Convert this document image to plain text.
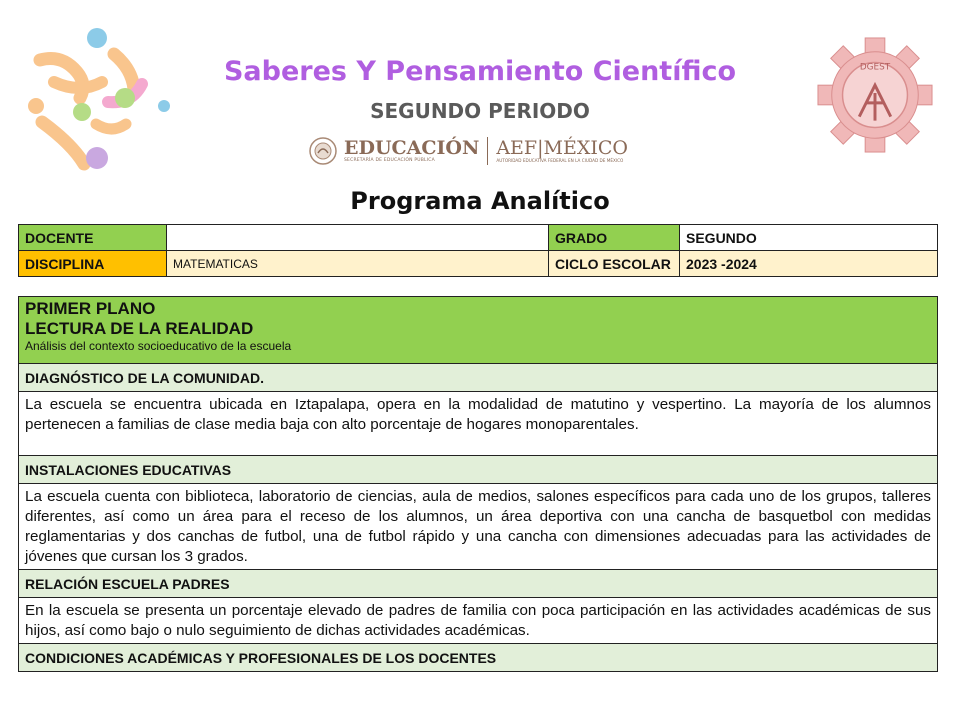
DGEST
Saberes Y Pensamiento Científico
SEGUNDO PERIODO
EDUCACIÓN
SECRETARÍA DE EDUCACIÓN PÚBLICA
AEF|MÉXICO
AUTORIDAD EDUCATIVA FEDERAL EN LA CIUDAD DE MÉXICO
Programa Analítico
DOCENTE		GRADO	SEGUNDO
DISCIPLINA	MATEMATICAS	CICLO ESCOLAR	2023 -2024
PRIMER PLANO
LECTURA DE LA REALIDAD
Análisis del contexto socioeducativo de la escuela

DIAGNÓSTICO DE LA COMUNIDAD.
La escuela se encuentra ubicada en Iztapalapa, opera en la modalidad de matutino y vespertino. La mayoría de los alumnos pertenecen a familias de clase media baja con alto porcentaje de hogares monoparentales.
INSTALACIONES EDUCATIVAS
La escuela cuenta con biblioteca, laboratorio de ciencias, aula de medios, salones específicos para cada uno de los grupos, talleres diferentes, así como un área para el receso de los alumnos, un área deportiva con una cancha de basquetbol con medidas reglamentarias y dos canchas de futbol, una de futbol rápido y una cancha con dimensiones adecuadas para las actividades de jóvenes que cursan los 3 grados.
RELACIÓN ESCUELA PADRES
En la escuela se presenta un porcentaje elevado de padres de familia con poca participación en las actividades académicas de sus hijos, así como bajo o nulo seguimiento de dichas actividades académicas.
CONDICIONES ACADÉMICAS Y PROFESIONALES DE LOS DOCENTES
